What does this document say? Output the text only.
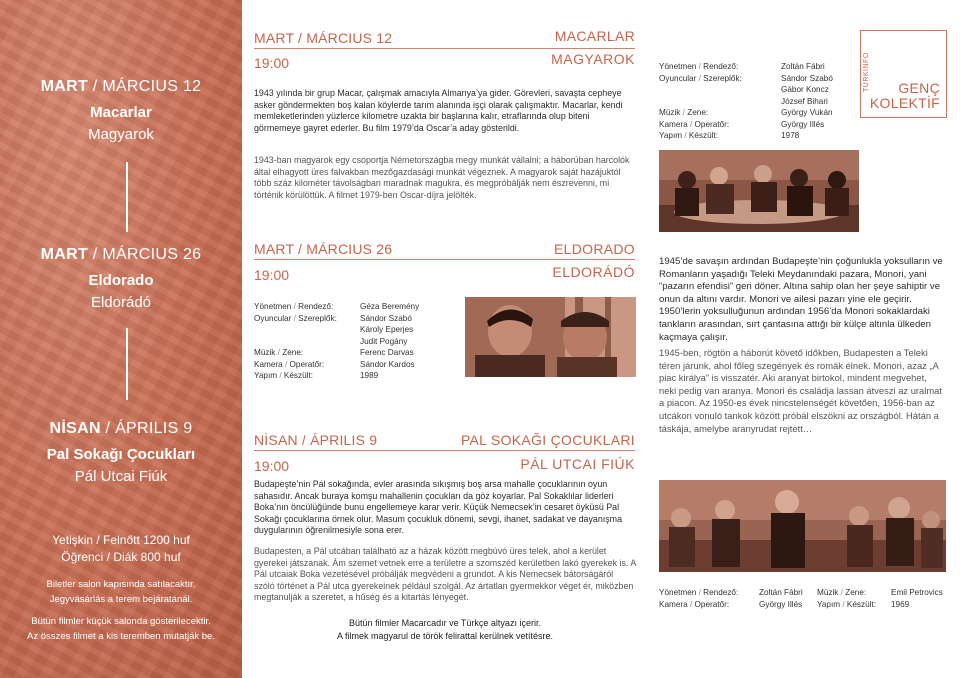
MART / MÁRCIUS 12
Macarlar
Magyarok
MART / MÁRCIUS 26
Eldorado
Eldorádó
NİSAN / ÁPRILIS 9
Pal Sokağı Çocukları
Pál Utcai Fiúk
Yetişkin / Felnőtt 1200 huf
Öğrenci / Diák 800 huf
Biletler salon kapısında satılacaktır.
Jegyvásárlás a terem bejáratánál.
Bütün filmler küçük salonda gösterilecektir.
Az összes filmet a kis teremben mutatják be.
MART / MÁRCIUS 12	MACARLAR
19:00	MAGYAROK
1943 yılında bir grup Macar, çalışmak amacıyla Almanya’ya gider. Görevleri, savaşta cepheye asker göndermekten boş kalan köylerde tarım alanında işçi olarak çalışmaktır. Macarlar, kendi memleketlerinden yüzlerce kilometre uzakta bir başlarına kalır, etraflarında olup biteni görmemeye gayret ederler. Bu film 1979’da Oscar’a aday gösterildi.
1943-ban magyarok egy csoportja Németországba megy munkát vállalni; a háborúban harcolók által elhagyott üres falvakban mezőgazdasági munkát végeznek. A magyarok saját hazájuktól több száz kilométer távolságban maradnak magukra, és megpróbálják nem észrevenni, mi történik körülöttük. A filmet 1979-ben Oscar-díjra jelölték.
Yönetmen / Rendező:	Zoltán Fábri
Oyuncular / Szereplők:	Sándor Szabó
Gábor Koncz
József Bihari
Müzik / Zene:	György Vukán
Kamera / Operatőr:	György Illés
Yapım / Készült:	1978
TÜRKİNFO	GENÇ
KOLEKTİF
MART / MÁRCIUS 26	ELDORADO
19:00	ELDORÁDÓ
Yönetmen / Rendező:	Géza Beremény
Oyuncular / Szereplők:	Sándor Szabó
Károly Eperjes
Judit Pogány
Müzik / Zene:	Ferenc Darvas
Kamera / Operatőr:	Sándor Kardos
Yapım / Készült:	1989
1945’de savaşın ardından Budapeşte’nin çoğunlukla yoksulların ve Romanların yaşadığı Teleki Meydanındaki pazara, Monori, yani “pazarın efendisi” geri döner. Altına sahip olan her şeye sahiptir ve onun da altını vardır. Monori ve ailesi pazarı yine ele geçirir. 1950’lerin yoksulluğunun ardından 1956’da Monori sokaklardaki tankların arasından, sırt çantasına attığı bir külçe altınla ülkeden kaçmaya çalışır.
1945-ben, rögtön a háborút követő időkben, Budapesten a Teleki téren járunk, ahol főleg szegények és romák élnek. Monori, azaz „A piac királya” is visszatér. Aki aranyat birtokol, mindent megvehet, neki pedig van aranya. Monori és családja lassan átveszi az uralmat a piacon. Az 1950-es évek nincstelenségét követően, 1956-ban az utcákon vonuló tankok között próbál elszökni az országból. Hátán a táskája, amelybe aranyrudat rejtett…
NİSAN / ÁPRILIS 9	PAL SOKAĞI ÇOCUKLARI
19:00	PÁL UTCAI FIÚK
Budapeşte’nin Pál sokağında, evler arasında sıkışmış boş arsa mahalle çocuklarının oyun sahasıdır. Ancak buraya komşu mahallenin çocukları da göz koyarlar. Pal Sokaklılar liderleri Boka’nın öncülüğünde bunu engellemeye karar verir. Küçük Nemecsek’in cesaret öyküsü Pal Sokağı çocuklarına örnek olur. Masum çocukluk dönemi, sevgi, ihanet, sadakat ve dayanışma duygularının öğrenilmesiyle sona erer.
Budapesten, a Pál utcában található az a házak között megbúvó üres telek, ahol a kerület gyerekei játszanak. Ám szemet vetnek erre a területre a szomszéd kerületben lakó gyerekek is. A Pál utcaiak Boka vezetésével próbálják megvédeni a grundot. A kis Nemecsek bátorságáról szóló történet a Pál utca gyerekeinek például szolgál. Az ártatlan gyermekkor véget ér, miközben megtanulják a szeretet, a hűség és a kitartás lényegét.
Bütün filmler Macarcadır ve Türkçe altyazı içerir.
A filmek magyarul de török felirattal kerülnek vetítésre.
Yönetmen / Rendező:	Zoltán Fábri
Kamera / Operatőr:	György Illés
Müzik / Zene:	Emil Petrovics
Yapım / Készült:	1969
